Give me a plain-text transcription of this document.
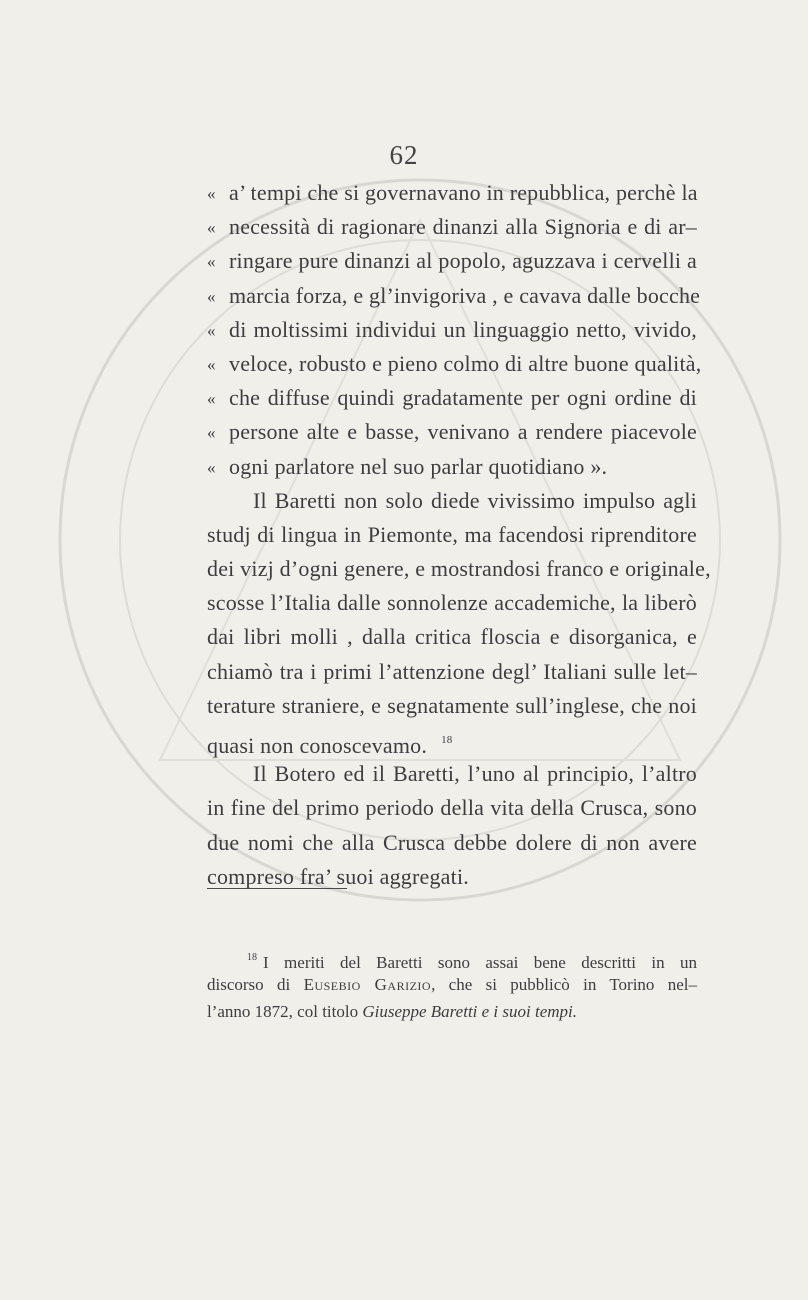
62
« a’ tempi che si governavano in repubblica, perchè la
« necessità di ragionare dinanzi alla Signoria e di ar–
« ringare pure dinanzi al popolo, aguzzava i cervelli a
« marcia forza, e gl’invigoriva , e cavava dalle bocche
« di moltissimi individui un linguaggio netto, vivido,
« veloce, robusto e pieno colmo di altre buone qualità,
« che diffuse quindi gradatamente per ogni ordine di
« persone alte e basse, venivano a rendere piacevole
« ogni parlatore nel suo parlar quotidiano ».
Il Baretti non solo diede vivissimo impulso agli
studj di lingua in Piemonte, ma facendosi riprenditore
dei vizj d’ogni genere, e mostrandosi franco e originale,
scosse l’Italia dalle sonnolenze accademiche, la liberò
dai libri molli , dalla critica floscia e disorganica, e
chiamò tra i primi l’attenzione degl’ Italiani sulle let–
terature straniere, e segnatamente sull’inglese, che noi
quasi non conoscevamo. $^{18}$
Il Botero ed il Baretti, l’uno al principio, l’altro
in fine del primo periodo della vita della Crusca, sono
due nomi che alla Crusca debbe dolere di non avere
compreso fra’ suoi aggregati.
$^{18}$ I meriti del Baretti sono assai bene descritti in un
discorso di Eusebio Garizio, che si pubblicò in Torino nel–
l’anno 1872, col titolo Giuseppe Baretti e i suoi tempi.
